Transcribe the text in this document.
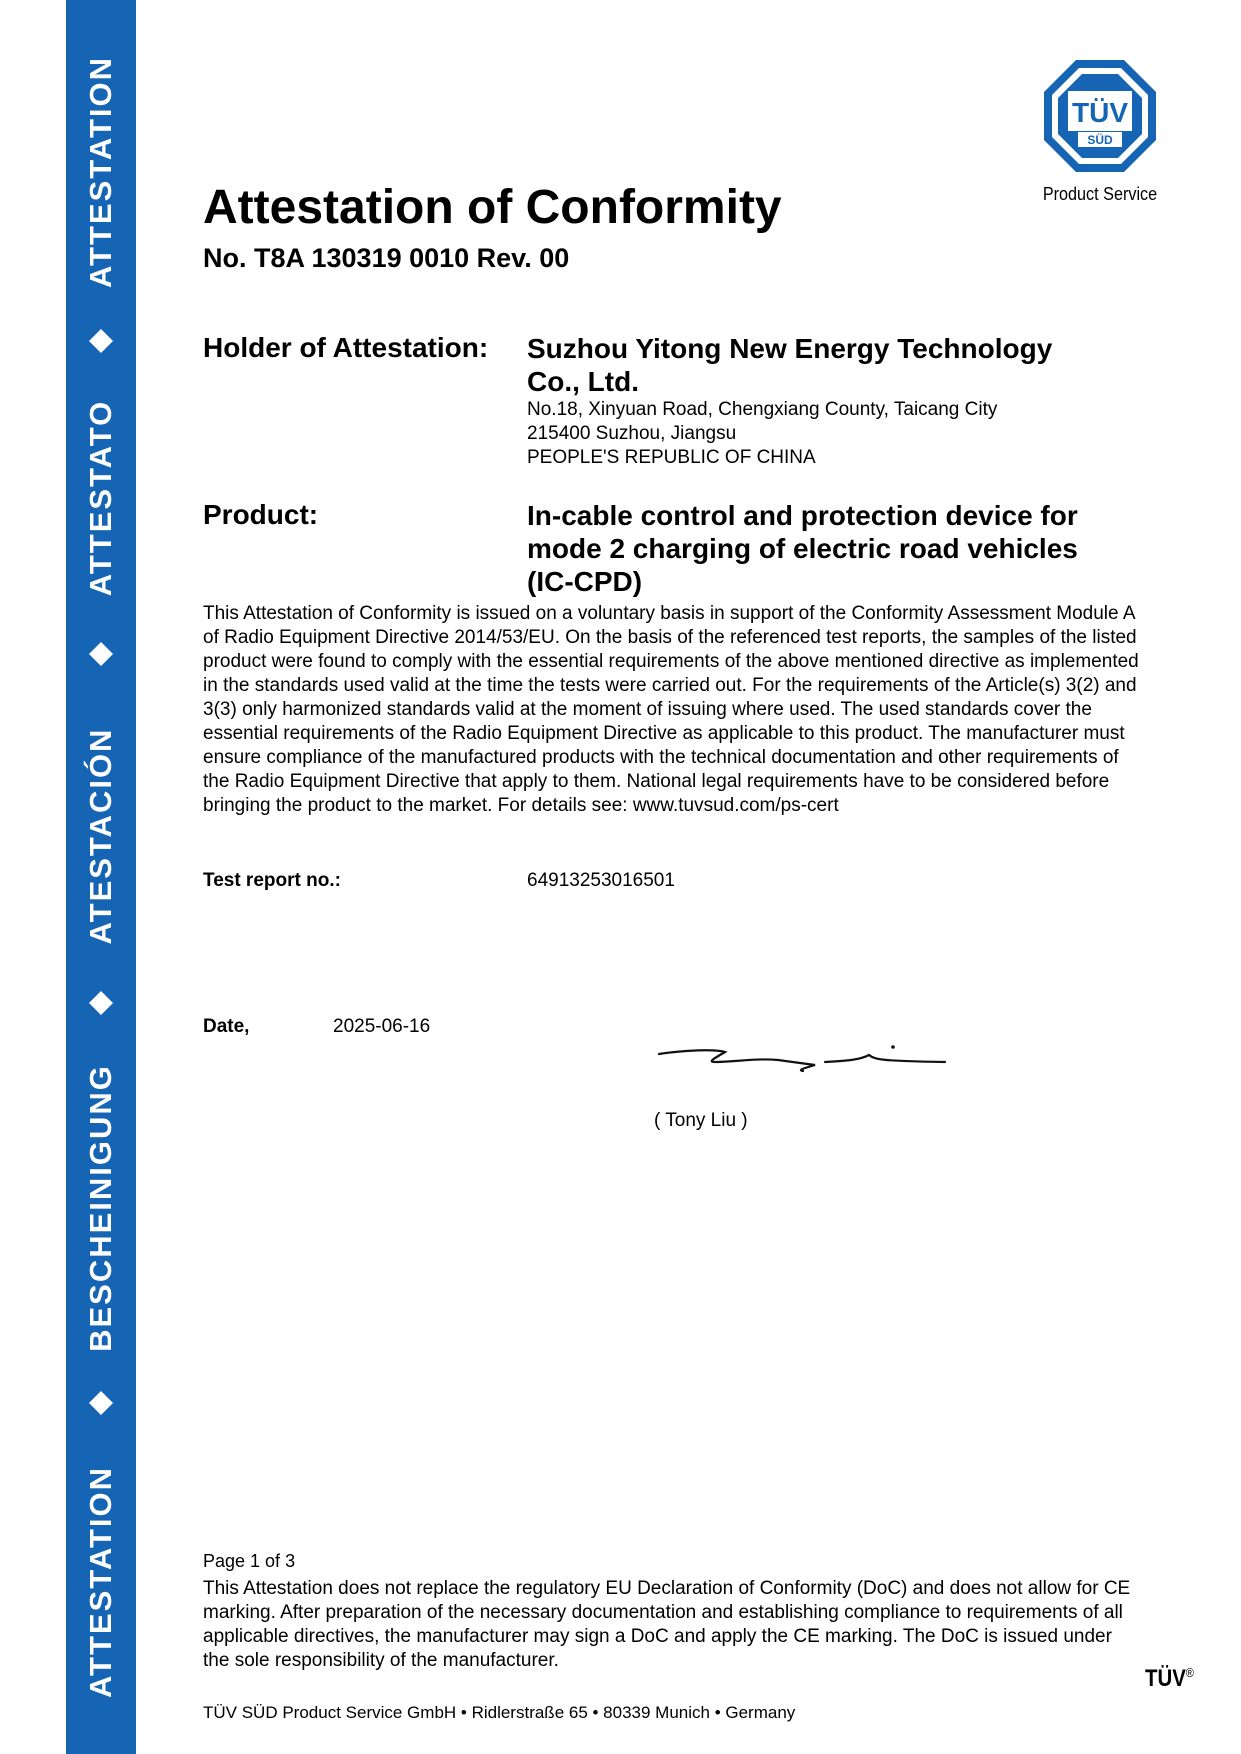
ATTESTATION
ATTESTATO
ATESTACIÓN
BESCHEINIGUNG
ATTESTATION
TÜV
SÜD
Product Service
Attestation of Conformity
No. T8A 130319 0010 Rev. 00
Holder of Attestation: Suzhou Yitong New Energy Technology
Co., Ltd.
No.18, Xinyuan Road, Chengxiang County, Taicang City
215400 Suzhou, Jiangsu
PEOPLE'S REPUBLIC OF CHINA
Product:	In-cable control and protection device for
mode 2 charging of electric road vehicles
(IC-CPD)
This Attestation of Conformity is issued on a voluntary basis in support of the Conformity Assessment Module A of Radio Equipment Directive 2014/53/EU. On the basis of the referenced test reports, the samples of the listed product were found to comply with the essential requirements of the above mentioned directive as implemented in the standards used valid at the time the tests were carried out. For the requirements of the Article(s) 3(2) and 3(3) only harmonized standards valid at the moment of issuing where used. The used standards cover the essential requirements of the Radio Equipment Directive as applicable to this product. The manufacturer must ensure compliance of the manufactured products with the technical documentation and other requirements of the Radio Equipment Directive that apply to them. National legal requirements have to be considered before bringing the product to the market. For details see: www.tuvsud.com/ps-cert
Test report no.:	64913253016501
Date,	2025-06-16
( Tony Liu )
Page 1 of 3
This Attestation does not replace the regulatory EU Declaration of Conformity (DoC) and does not allow for CE marking. After preparation of the necessary documentation and establishing compliance to requirements of all applicable directives, the manufacturer may sign a DoC and apply the CE marking. The DoC is issued under the sole responsibility of the manufacturer.
TÜV SÜD Product Service GmbH • Ridlerstraße 65 • 80339 Munich • Germany
TÜV®
